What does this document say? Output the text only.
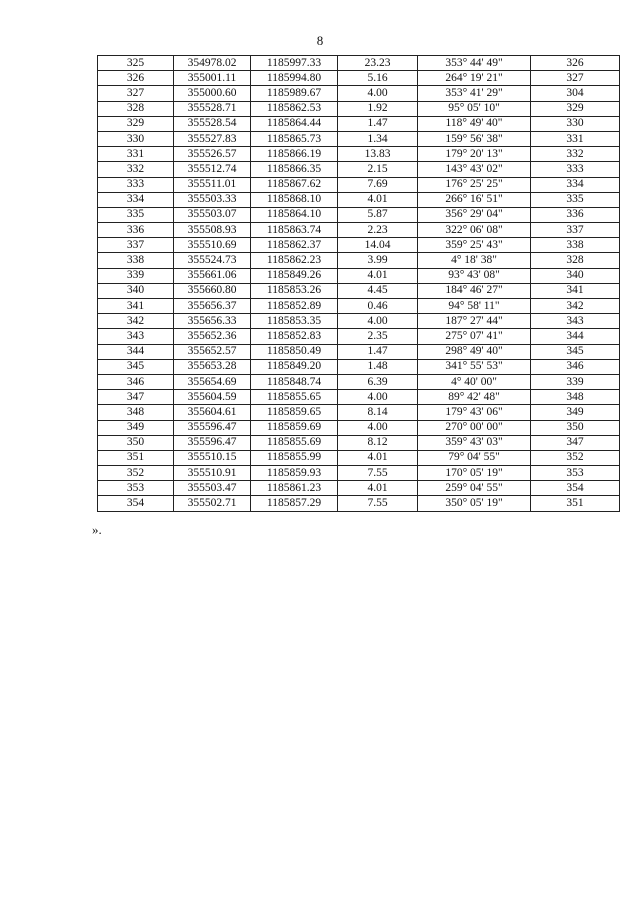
8
325	354978.02	1185997.33	23.23	353° 44' 49"	326
326	355001.11	1185994.80	5.16	264° 19' 21"	327
327	355000.60	1185989.67	4.00	353° 41' 29"	304
328	355528.71	1185862.53	1.92	95° 05' 10"	329
329	355528.54	1185864.44	1.47	118° 49' 40"	330
330	355527.83	1185865.73	1.34	159° 56' 38"	331
331	355526.57	1185866.19	13.83	179° 20' 13"	332
332	355512.74	1185866.35	2.15	143° 43' 02"	333
333	355511.01	1185867.62	7.69	176° 25' 25"	334
334	355503.33	1185868.10	4.01	266° 16' 51"	335
335	355503.07	1185864.10	5.87	356° 29' 04"	336
336	355508.93	1185863.74	2.23	322° 06' 08"	337
337	355510.69	1185862.37	14.04	359° 25' 43"	338
338	355524.73	1185862.23	3.99	4° 18' 38"	328
339	355661.06	1185849.26	4.01	93° 43' 08"	340
340	355660.80	1185853.26	4.45	184° 46' 27"	341
341	355656.37	1185852.89	0.46	94° 58' 11"	342
342	355656.33	1185853.35	4.00	187° 27' 44"	343
343	355652.36	1185852.83	2.35	275° 07' 41"	344
344	355652.57	1185850.49	1.47	298° 49' 40"	345
345	355653.28	1185849.20	1.48	341° 55' 53"	346
346	355654.69	1185848.74	6.39	4° 40' 00"	339
347	355604.59	1185855.65	4.00	89° 42' 48"	348
348	355604.61	1185859.65	8.14	179° 43' 06"	349
349	355596.47	1185859.69	4.00	270° 00' 00"	350
350	355596.47	1185855.69	8.12	359° 43' 03"	347
351	355510.15	1185855.99	4.01	79° 04' 55"	352
352	355510.91	1185859.93	7.55	170° 05' 19"	353
353	355503.47	1185861.23	4.01	259° 04' 55"	354
354	355502.71	1185857.29	7.55	350° 05' 19"	351
».
